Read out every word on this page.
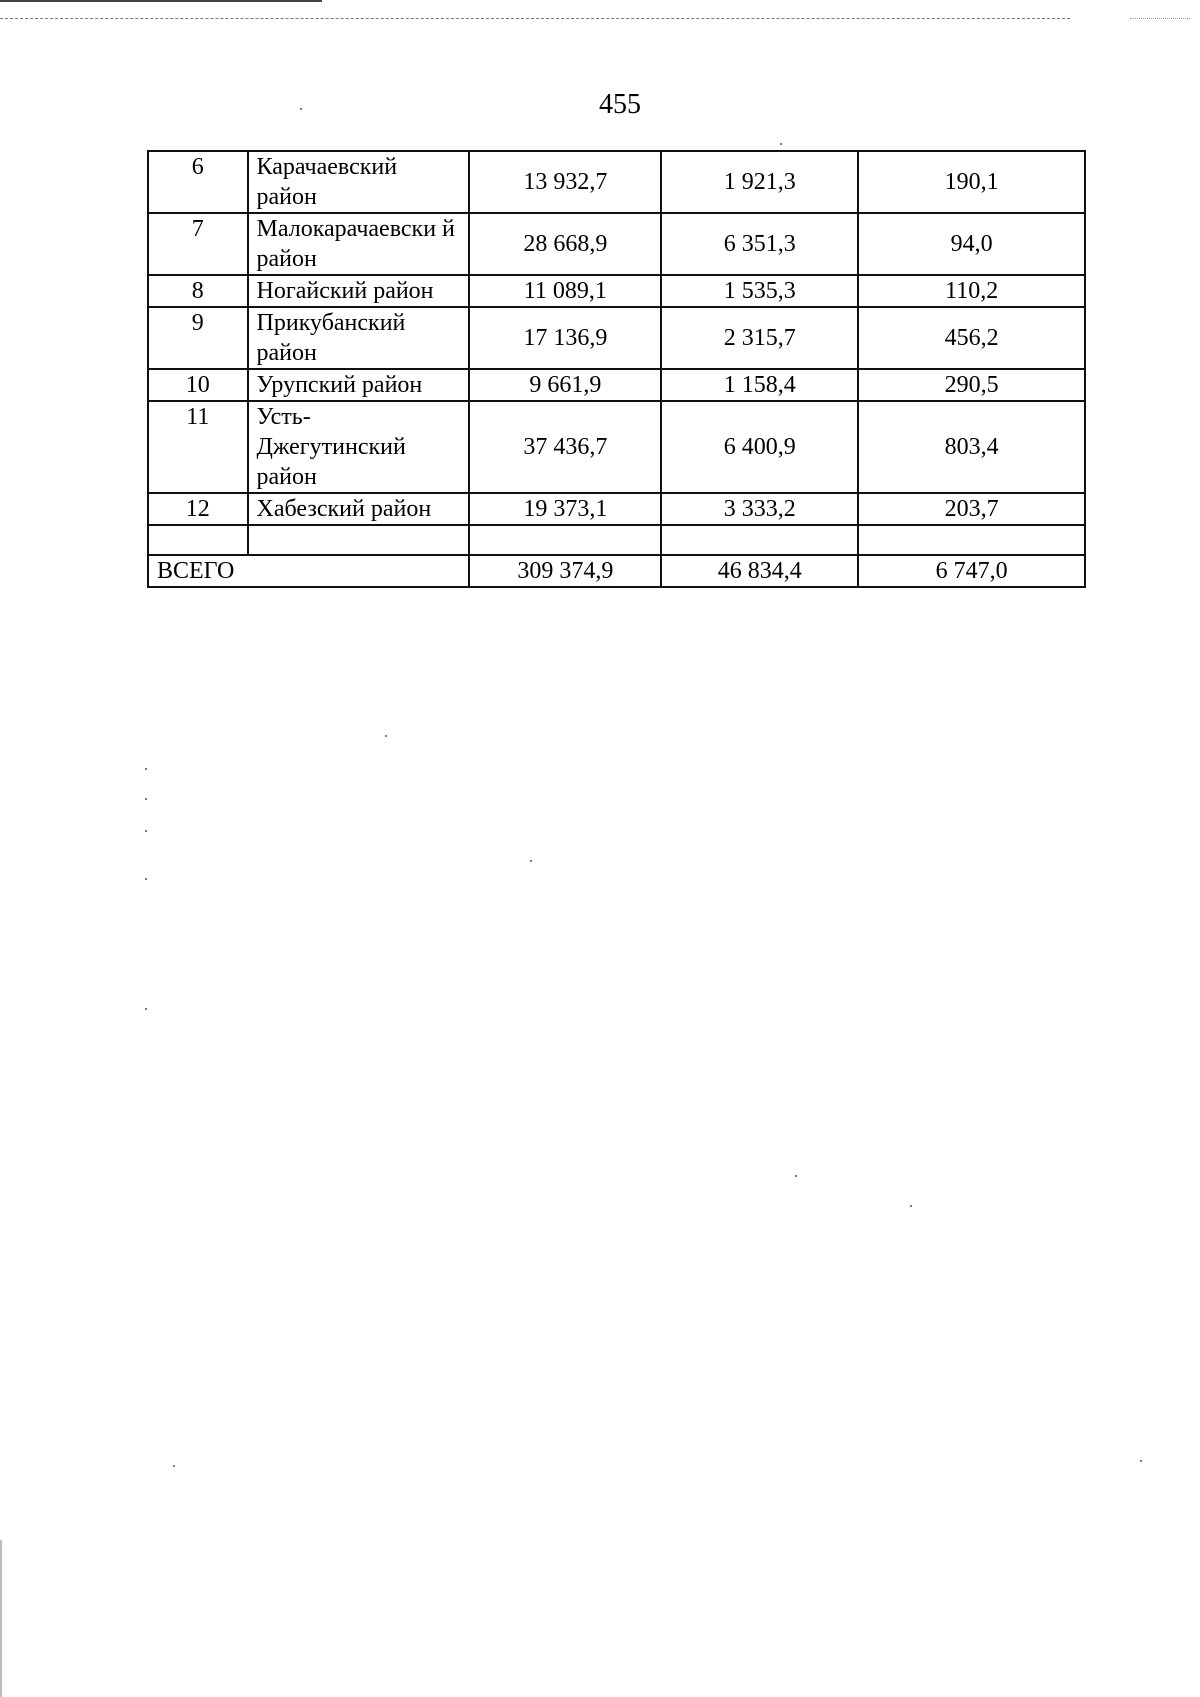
455
6	Карачаевский район	13 932,7	1 921,3	190,1
7	Малокарачаевски й район	28 668,9	6 351,3	94,0
8	Ногайский район	11 089,1	1 535,3	110,2
9	Прикубанский район	17 136,9	2 315,7	456,2
10	Урупский район	9 661,9	1 158,4	290,5
11	Усть- Джегутинский район	37 436,7	6 400,9	803,4
12	Хабезский район	19 373,1	3 333,2	203,7

ВСЕГО		309 374,9	46 834,4	6 747,0
